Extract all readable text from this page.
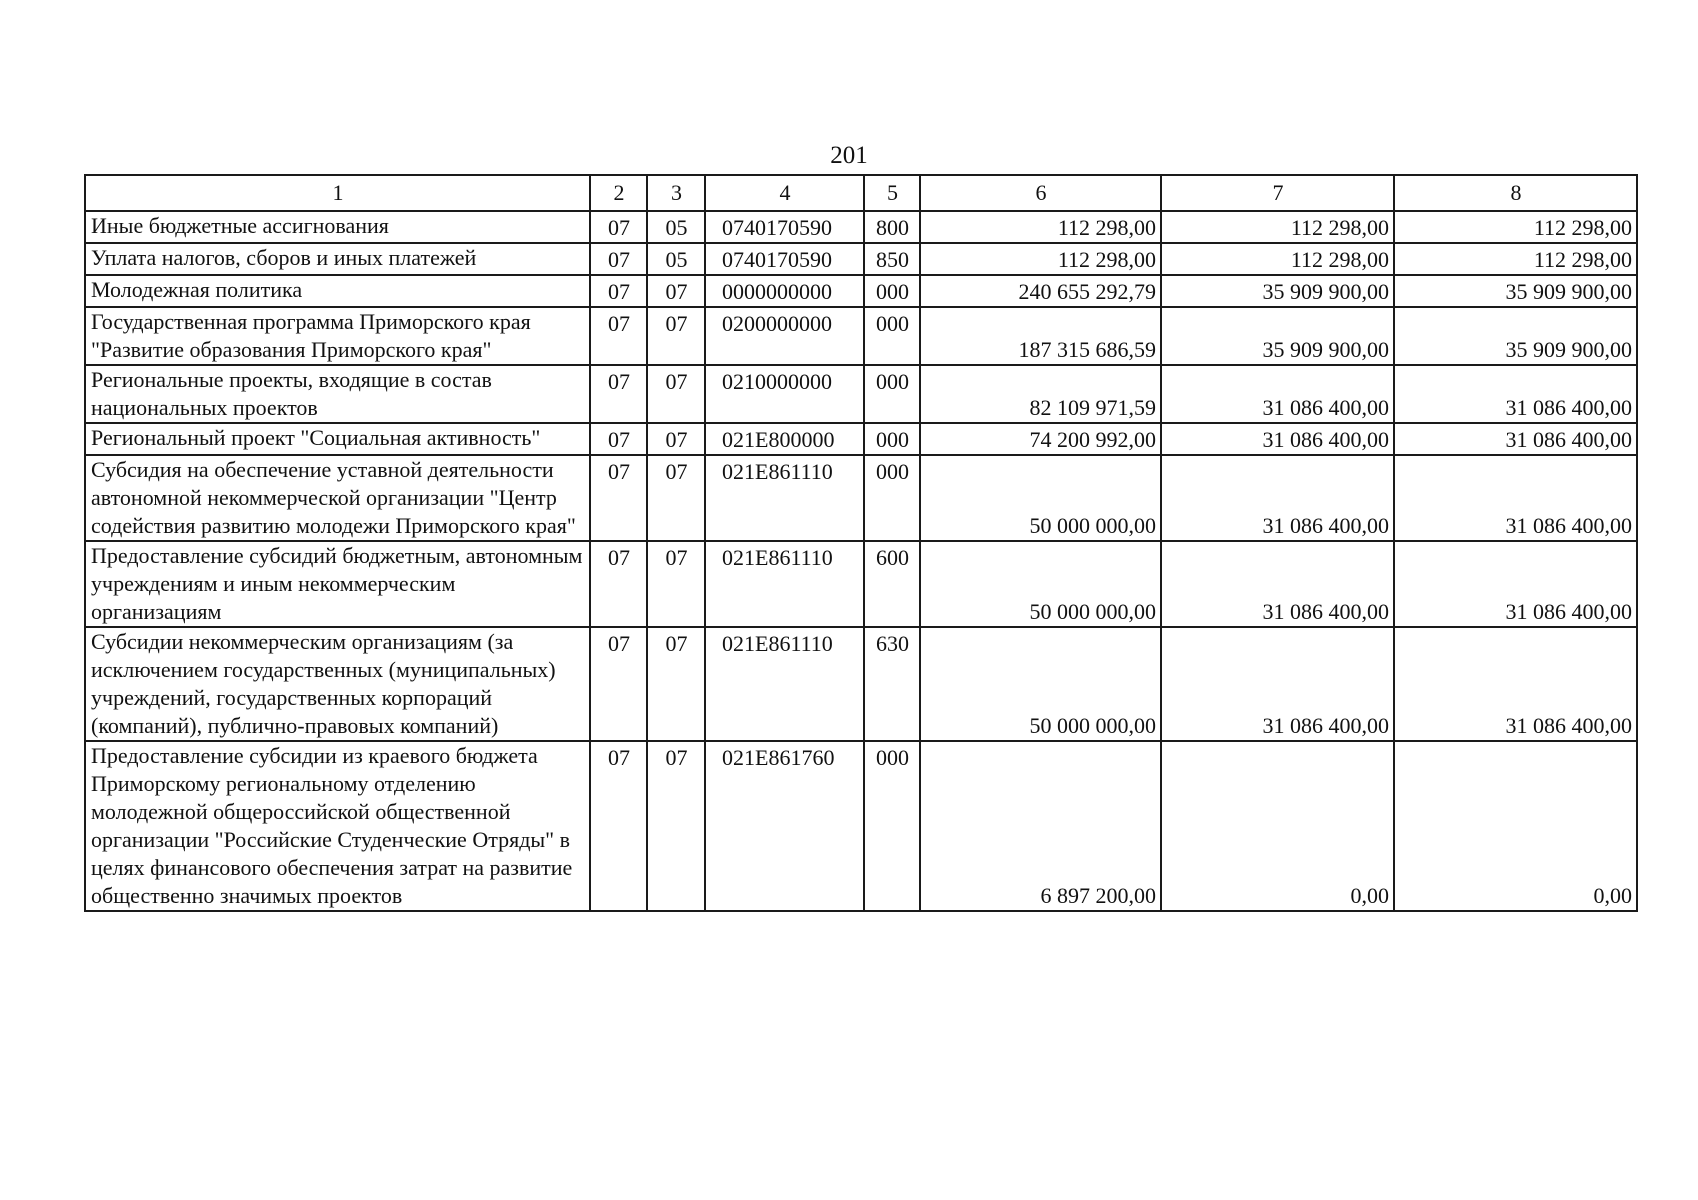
201
1	2	3	4	5	6	7	8
Иные бюджетные ассигнования	07	05	0740170590	800	112 298,00	112 298,00	112 298,00
Уплата налогов, сборов и иных платежей	07	05	0740170590	850	112 298,00	112 298,00	112 298,00
Молодежная политика	07	07	0000000000	000	240 655 292,79	35 909 900,00	35 909 900,00
Государственная программа Приморского края "Развитие образования Приморского края"	07	07	0200000000	000	187 315 686,59	35 909 900,00	35 909 900,00
Региональные проекты, входящие в состав национальных проектов	07	07	0210000000	000	82 109 971,59	31 086 400,00	31 086 400,00
Региональный проект "Социальная активность"	07	07	021E800000	000	74 200 992,00	31 086 400,00	31 086 400,00
Субсидия на обеспечение уставной деятельности автономной некоммерческой организации "Центр содействия развитию молодежи Приморского края"	07	07	021E861110	000	50 000 000,00	31 086 400,00	31 086 400,00
Предоставление субсидий бюджетным, автономным учреждениям и иным некоммерческим организациям	07	07	021E861110	600	50 000 000,00	31 086 400,00	31 086 400,00
Субсидии некоммерческим организациям (за исключением государственных (муниципальных) учреждений, государственных корпораций (компаний), публично-правовых компаний)	07	07	021E861110	630	50 000 000,00	31 086 400,00	31 086 400,00
Предоставление субсидии из краевого бюджета Приморскому региональному отделению молодежной общероссийской общественной организации "Российские Студенческие Отряды" в целях финансового обеспечения затрат на развитие общественно значимых проектов	07	07	021E861760	000	6 897 200,00	0,00	0,00
